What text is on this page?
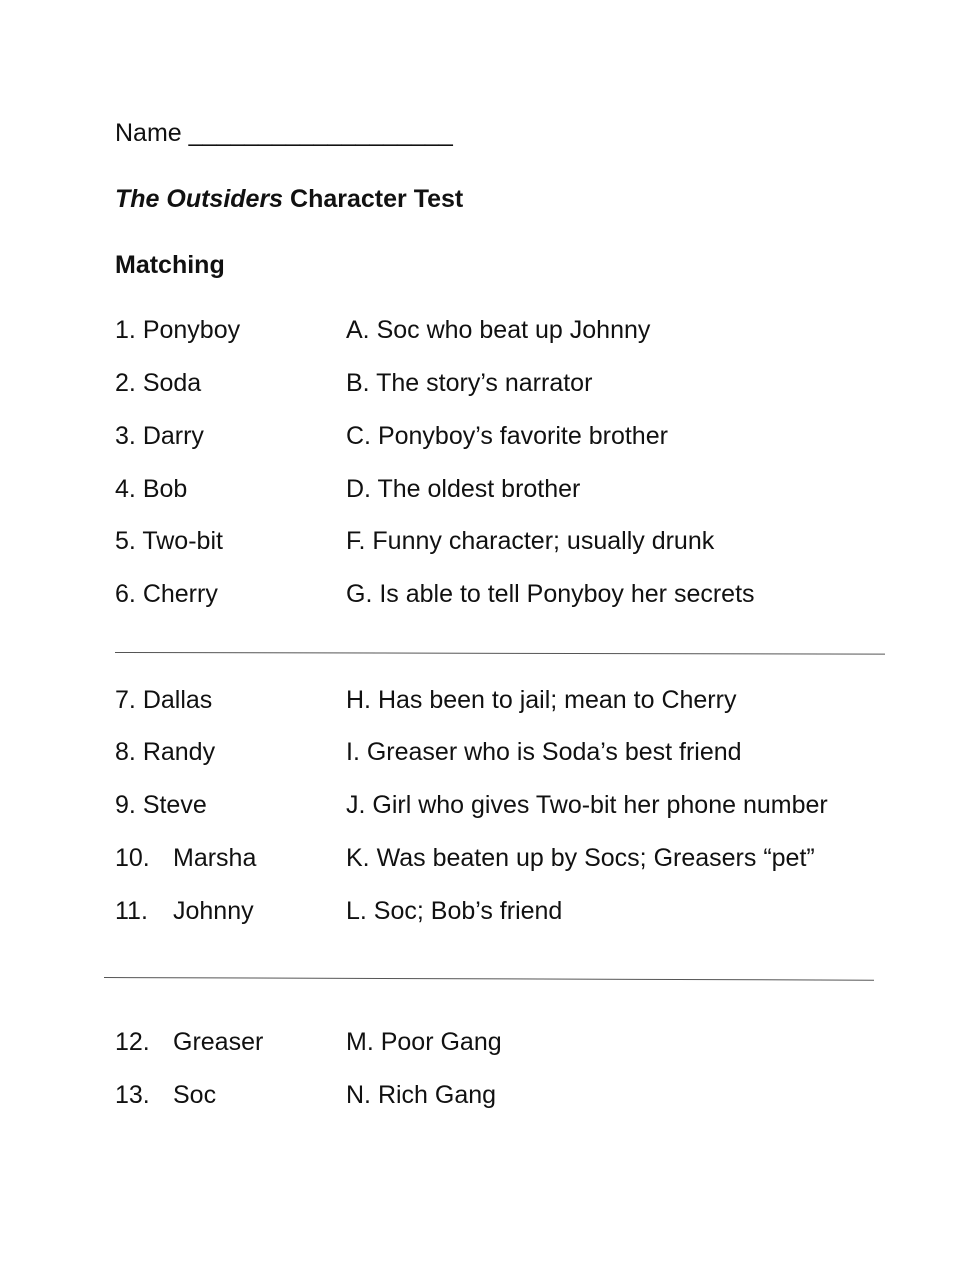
Name ___________________
The Outsiders Character Test
Matching
1. Ponyboy	A. Soc who beat up Johnny
2. Soda	B. The story’s narrator
3. Darry	C. Ponyboy’s favorite brother
4. Bob	D. The oldest brother
5. Two-bit	F. Funny character; usually drunk
6. Cherry	G. Is able to tell Ponyboy her secrets
7. Dallas	H. Has been to jail; mean to Cherry
8. Randy	I. Greaser who is Soda’s best friend
9. Steve	J. Girl who gives Two-bit her phone number
10. Marsha	K. Was beaten up by Socs; Greasers “pet”
11. Johnny	L. Soc; Bob’s friend
12. Greaser	M. Poor Gang
13. Soc	N. Rich Gang
